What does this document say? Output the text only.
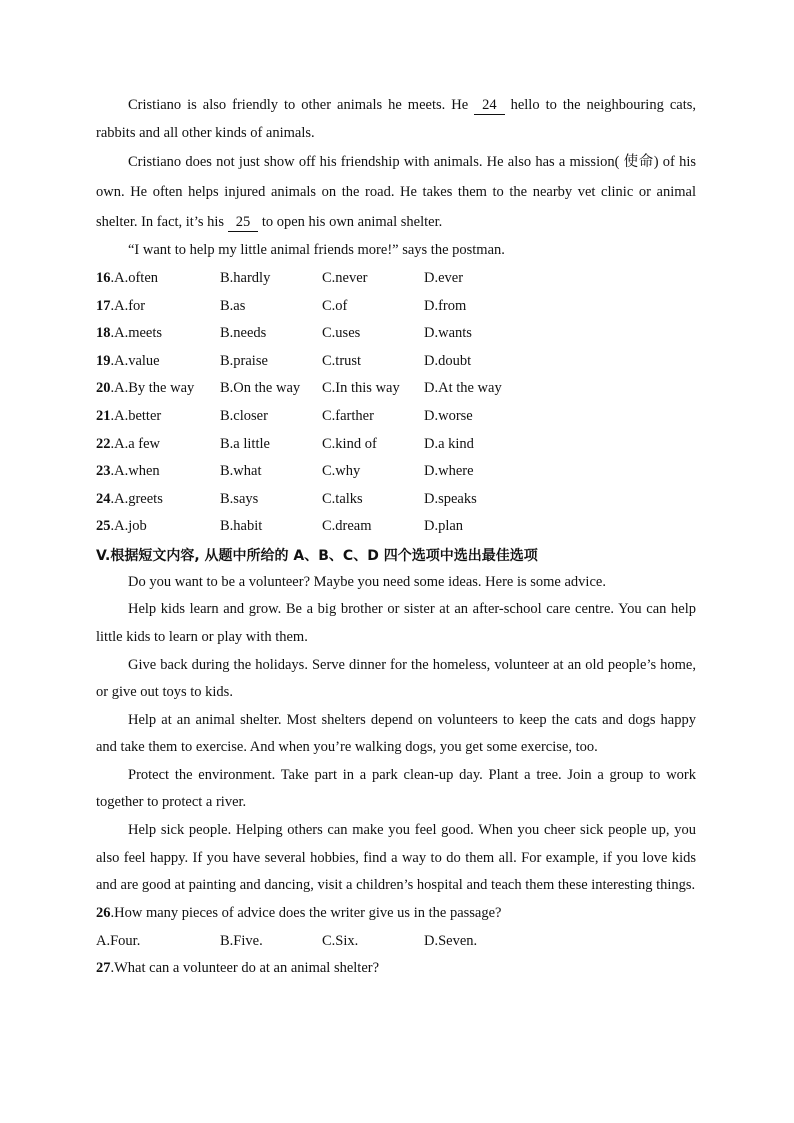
Cristiano is also friendly to other animals he meets. He 24 hello to the neighbouring cats, rabbits and all other kinds of animals.

Cristiano does not just show off his friendship with animals. He also has a mission( 使命) of his own. He often helps injured animals on the road. He takes them to the nearby vet clinic or animal shelter. In fact, it’s his 25 to open his own animal shelter.

“I want to help my little animal friends more!” says the postman.

16.A.often	B.hardly	C.never	D.ever
17.A.for	B.as	C.of	D.from
18.A.meets	B.needs	C.uses	D.wants
19.A.value	B.praise	C.trust	D.doubt
20.A.By the way	B.On the way	C.In this way	D.At the way
21.A.better	B.closer	C.farther	D.worse
22.A.a few	B.a little	C.kind of	D.a kind
23.A.when	B.what	C.why	D.where
24.A.greets	B.says	C.talks	D.speaks
25.A.job	B.habit	C.dream	D.plan
V.根据短文内容, 从题中所给的 A、B、C、D 四个选项中选出最佳选项

Do you want to be a volunteer? Maybe you need some ideas. Here is some advice.

Help kids learn and grow. Be a big brother or sister at an after-school care centre. You can help little kids to learn or play with them.

Give back during the holidays. Serve dinner for the homeless, volunteer at an old people’s home, or give out toys to kids.

Help at an animal shelter. Most shelters depend on volunteers to keep the cats and dogs happy and take them to exercise. And when you’re walking dogs, you get some exercise, too.

Protect the environment. Take part in a park clean-up day. Plant a tree. Join a group to work together to protect a river.

Help sick people. Helping others can make you feel good. When you cheer sick people up, you also feel happy. If you have several hobbies, find a way to do them all. For example, if you love kids and are good at painting and dancing, visit a children’s hospital and teach them these interesting things.

26.How many pieces of advice does the writer give us in the passage?

A.Four.	B.Five.	C.Six.	D.Seven.

27.What can a volunteer do at an animal shelter?
